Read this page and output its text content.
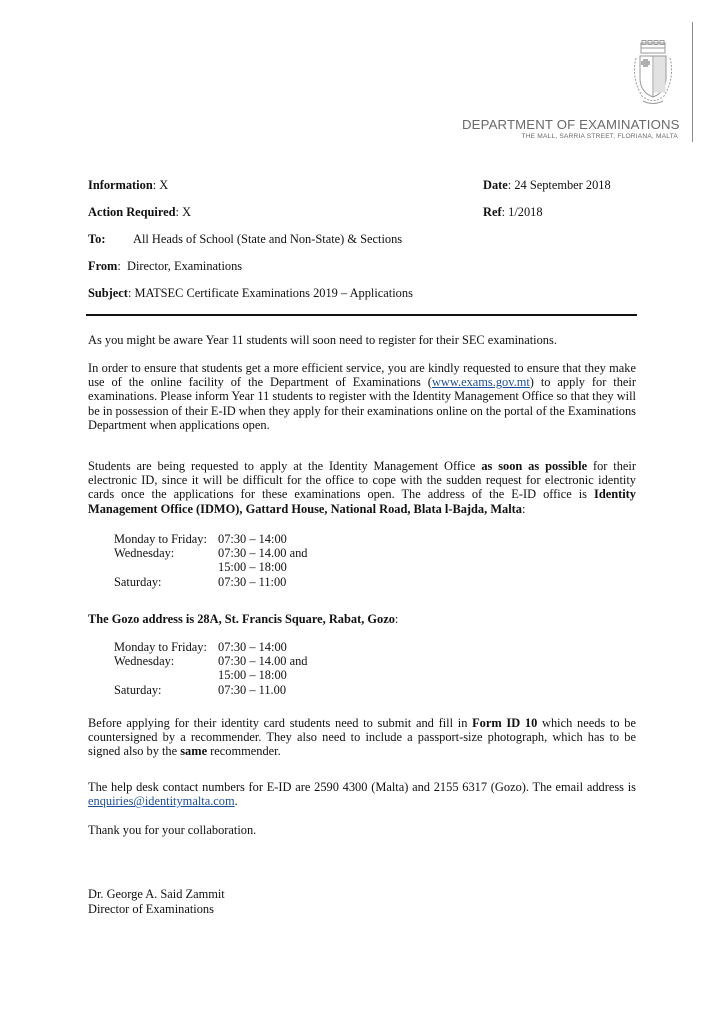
DEPARTMENT OF EXAMINATIONS
THE MALL, SARRIA STREET, FLORIANA, MALTA
Information: X	Date: 24 September 2018
Action Required: X	Ref: 1/2018
To: All Heads of School (State and Non-State) & Sections
From:  Director, Examinations
Subject: MATSEC Certificate Examinations 2019 – Applications
As you might be aware Year 11 students will soon need to register for their SEC examinations.
In order to ensure that students get a more efficient service, you are kindly requested to ensure that they make use of the online facility of the Department of Examinations (www.exams.gov.mt) to apply for their examinations. Please inform Year 11 students to register with the Identity Management Office so that they will be in possession of their E-ID when they apply for their examinations online on the portal of the Examinations Department when applications open.
Students are being requested to apply at the Identity Management Office as soon as possible for their electronic ID, since it will be difficult for the office to cope with the sudden request for electronic identity cards once the applications for these examinations open. The address of the E-ID office is Identity Management Office (IDMO), Gattard House, National Road, Blata l-Bajda, Malta:
Monday to Friday: 07:30 – 14:00
Wednesday:	07:30 – 14.00 and
15:00 – 18:00
Saturday:	07:30 – 11:00
The Gozo address is 28A, St. Francis Square, Rabat, Gozo:
Monday to Friday: 07:30 – 14:00
Wednesday:	07:30 – 14.00 and
15:00 – 18:00
Saturday:	07:30 – 11.00
Before applying for their identity card students need to submit and fill in Form ID 10 which needs to be countersigned by a recommender. They also need to include a passport-size photograph, which has to be signed also by the same recommender.
The help desk contact numbers for E-ID are 2590 4300 (Malta) and 2155 6317 (Gozo). The email address is enquiries@identitymalta.com.
Thank you for your collaboration.
Dr. George A. Said Zammit
Director of Examinations
